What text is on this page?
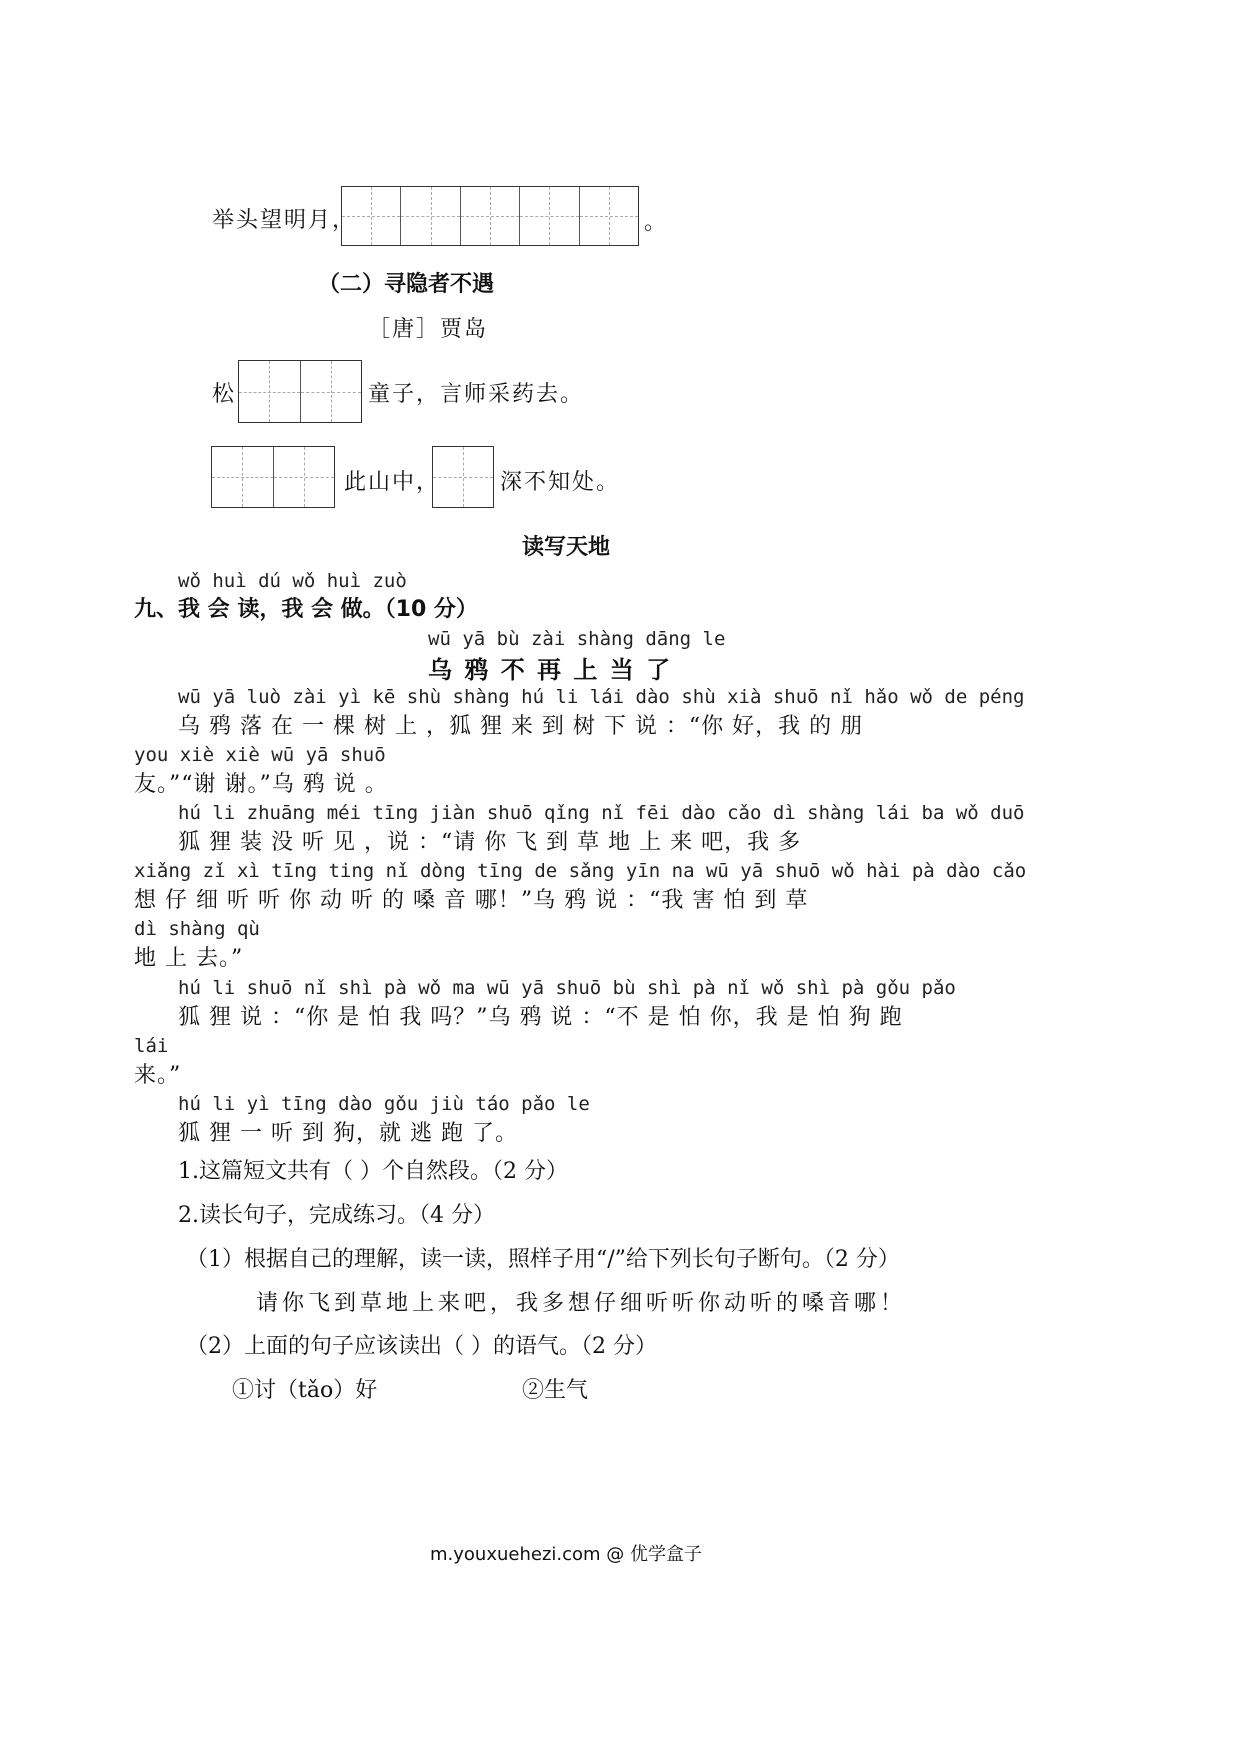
举头望明月，	。
（二）寻隐者不遇
［唐］贾岛
松	童子，言师采药去。
此山中，	深不知处。
读写天地
wǒ huì dú wǒ huì zuò
九、我 会 读，我 会 做。（10 分）
wū yā bù zài shàng dāng le
乌 鸦 不 再 上 当 了
wū yā luò zài yì kē shù shàng hú li lái dào shù xià shuō nǐ hǎo wǒ de péng
乌 鸦 落 在 一 棵 树 上 ，狐 狸 来 到 树 下 说 ：“你 好，我 的 朋
you xiè xiè wū yā shuō
友。”“谢 谢。”乌 鸦 说 。
hú li zhuāng méi tīng jiàn shuō qǐng nǐ fēi dào cǎo dì shàng lái ba wǒ duō
狐 狸 装 没 听 见 ，说 ：“请 你 飞 到 草 地 上 来 吧，我 多
xiǎng zǐ xì tīng ting nǐ dòng tīng de sǎng yīn na wū yā shuō wǒ hài pà dào cǎo
想 仔 细 听 听 你 动 听 的 嗓 音 哪！”乌 鸦 说 ：“我 害 怕 到 草
dì shàng qù
地 上 去。”
hú li shuō nǐ shì pà wǒ ma wū yā shuō bù shì pà nǐ wǒ shì pà gǒu pǎo
狐 狸 说 ：“你 是 怕 我 吗？”乌 鸦 说 ：“不 是 怕 你，我 是 怕 狗 跑
lái
来。”
hú li yì tīng dào gǒu jiù táo pǎo le
狐 狸 一 听 到 狗，就 逃 跑 了。
1.这篇短文共有（ ）个自然段。（2 分）
2.读长句子，完成练习。（4 分）
（1）根据自己的理解，读一读，照样子用“/”给下列长句子断句。（2 分）
请你飞到草地上来吧，我多想仔细听听你动听的嗓音哪！
（2）上面的句子应该读出（ ）的语气。（2 分）
①讨（tǎo）好	②生气
m.youxuehezi.com @ 优学盒子
